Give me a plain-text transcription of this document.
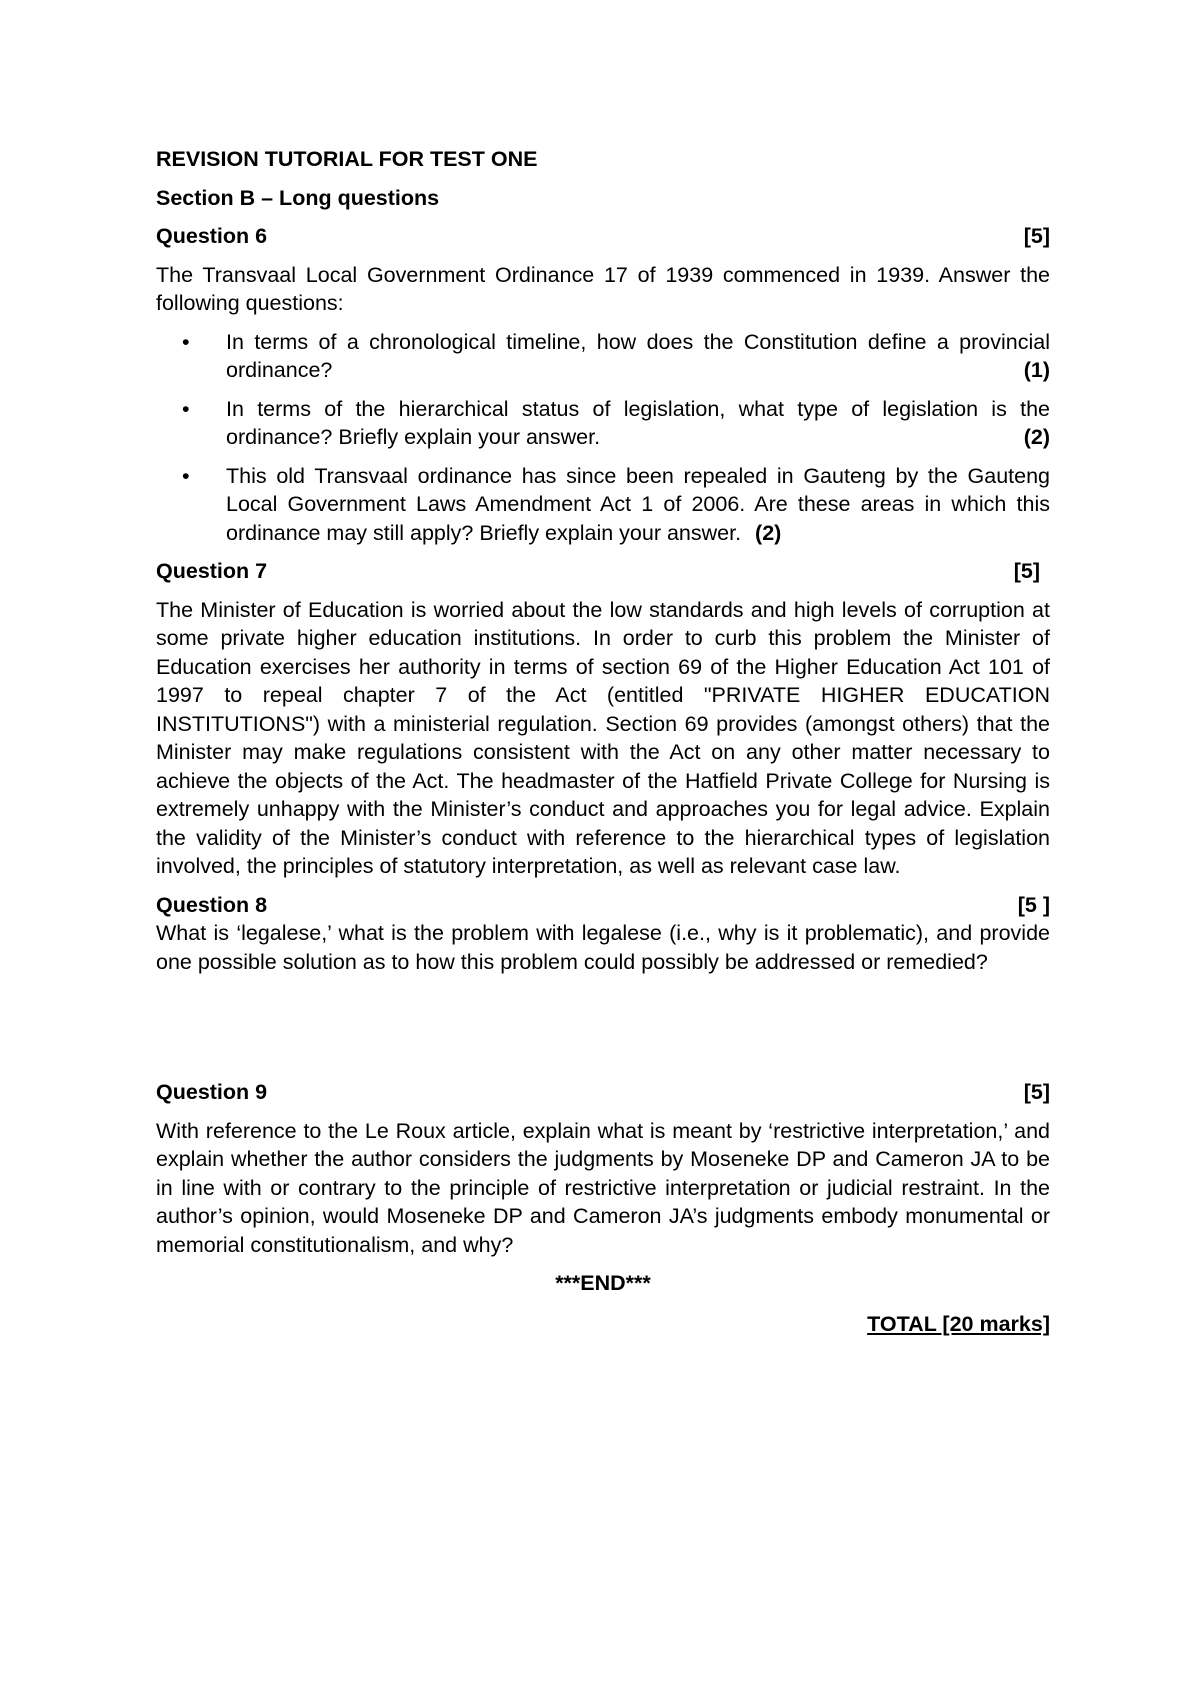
REVISION TUTORIAL FOR TEST ONE
Section B – Long questions
Question 6	[5]
The Transvaal Local Government Ordinance 17 of 1939 commenced in 1939. Answer the following questions:
• In terms of a chronological timeline, how does the Constitution define a provincial ordinance?	(1)
• In terms of the hierarchical status of legislation, what type of legislation is the ordinance? Briefly explain your answer.	(2)
• This old Transvaal ordinance has since been repealed in Gauteng by the Gauteng Local Government Laws Amendment Act 1 of 2006. Are these areas in which this ordinance may still apply? Briefly explain your answer. (2)
Question 7	[5]
The Minister of Education is worried about the low standards and high levels of corruption at some private higher education institutions. In order to curb this problem the Minister of Education exercises her authority in terms of section 69 of the Higher Education Act 101 of 1997 to repeal chapter 7 of the Act (entitled "PRIVATE HIGHER EDUCATION INSTITUTIONS") with a ministerial regulation. Section 69 provides (amongst others) that the Minister may make regulations consistent with the Act on any other matter necessary to achieve the objects of the Act. The headmaster of the Hatfield Private College for Nursing is extremely unhappy with the Minister’s conduct and approaches you for legal advice. Explain the validity of the Minister’s conduct with reference to the hierarchical types of legislation involved, the principles of statutory interpretation, as well as relevant case law.
Question 8	[5 ]
What is ‘legalese,’ what is the problem with legalese (i.e., why is it problematic), and provide one possible solution as to how this problem could possibly be addressed or remedied?
Question 9	[5]
With reference to the Le Roux article, explain what is meant by ‘restrictive interpretation,’ and explain whether the author considers the judgments by Moseneke DP and Cameron JA to be in line with or contrary to the principle of restrictive interpretation or judicial restraint. In the author’s opinion, would Moseneke DP and Cameron JA’s judgments embody monumental or memorial constitutionalism, and why?
***END***
TOTAL [20 marks]
